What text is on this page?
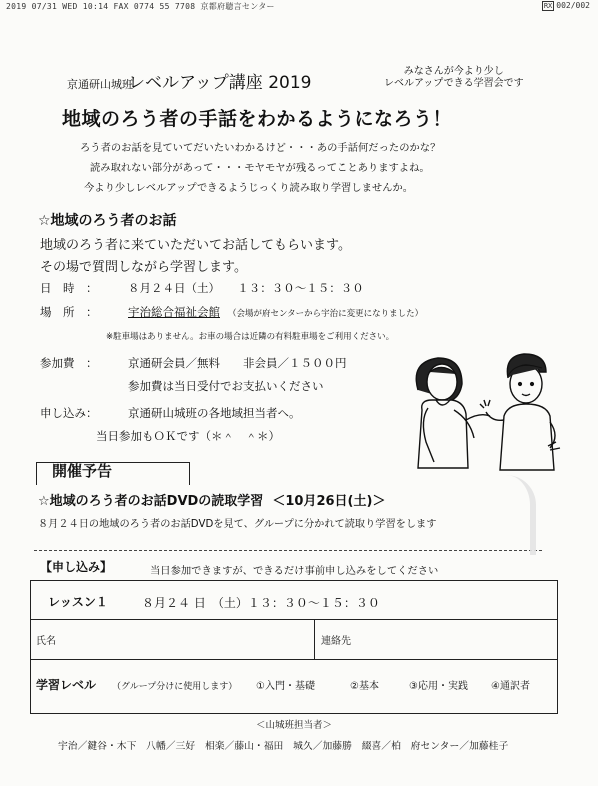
2019 07/31 WED 10:14 FAX 0774 55 7708 京都府聴言センター	RX 002/002
京通研山城班
レベルアップ講座 2019
みなさんが今より少し
レベルアップできる学習会です
地域のろう者の手話をわかるようになろう！
ろう者のお話を見ていてだいたいわかるけど・・・あの手話何だったのかな？
読み取れない部分があって・・・モヤモヤが残るってことありますよね。
今より少しレベルアップできるようじっくり読み取り学習しませんか。
☆地域のろう者のお話
地域のろう者に来ていただいてお話してもらいます。
その場で質問しながら学習します。
日　時　：	８月２４日（土）　　１３：３０〜１５：３０
場　所　：	宇治総合福祉会館 （会場が府センターから宇治に変更になりました）
※駐車場はありません。お車の場合は近隣の有料駐車場をご利用ください。
参加費　：	京通研会員／無料　　非会員／１５００円
参加費は当日受付でお支払いください
申し込み：	京通研山城班の各地域担当者へ。
当日参加もＯＫです（＊＾　＾＊）
開催予告
☆地域のろう者のお話DVDの読取学習 ＜10月26日(土)＞
８月２４日の地域のろう者のお話DVDを見て、グループに分かれて読取り学習をします
【申し込み】	当日参加できますが、できるだけ事前申し込みをしてください
レッスン１	８月２４ 日　（土）１３：３０〜１５：３０
氏名	連絡先
学習レベル （グループ分けに使用します） ①入門・基礎	②基本	③応用・実践 ④通訳者
＜山城班担当者＞
宇治／鍵谷・木下　八幡／三好　相楽／藤山・福田　城久／加藤勝　綴喜／柏　府センター／加藤桂子
